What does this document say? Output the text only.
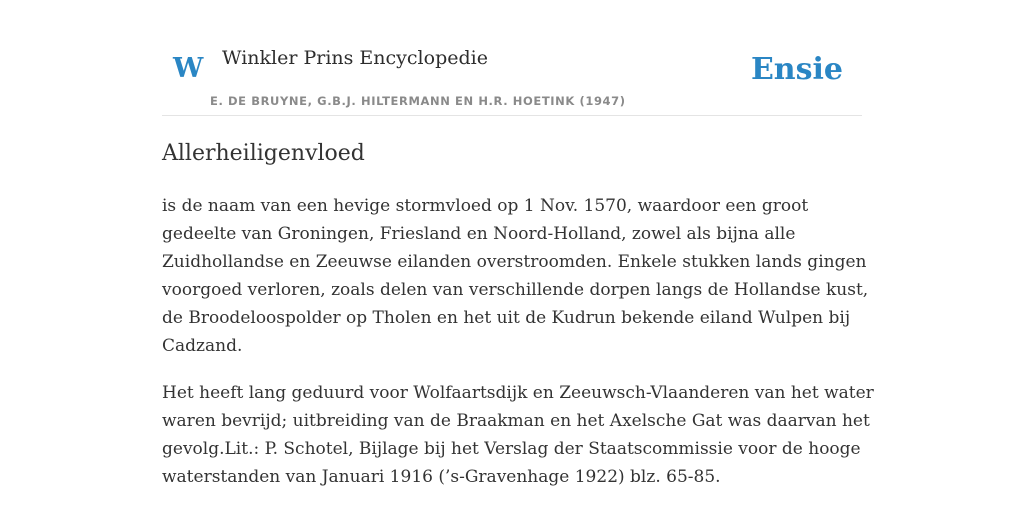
W Winkler Prins Encyclopedie
E. DE BRUYNE, G.B.J. HILTERMANN EN H.R. HOETINK (1947)
Ensie
Allerheiligenvloed

is de naam van een hevige stormvloed op 1 Nov. 1570, waardoor een groot
gedeelte van Groningen, Friesland en Noord-Holland, zowel als bijna alle
Zuidhollandse en Zeeuwse eilanden overstroomden. Enkele stukken lands gingen
voorgoed verloren, zoals delen van verschillende dorpen langs de Hollandse kust,
de Broodeloospolder op Tholen en het uit de Kudrun bekende eiland Wulpen bij
Cadzand.

Het heeft lang geduurd voor Wolfaartsdijk en Zeeuwsch-Vlaanderen van het water
waren bevrijd; uitbreiding van de Braakman en het Axelsche Gat was daarvan het
gevolg.Lit.: P. Schotel, Bijlage bij het Verslag der Staatscommissie voor de hooge
waterstanden van Januari 1916 (’s-Gravenhage 1922) blz. 65-85.
